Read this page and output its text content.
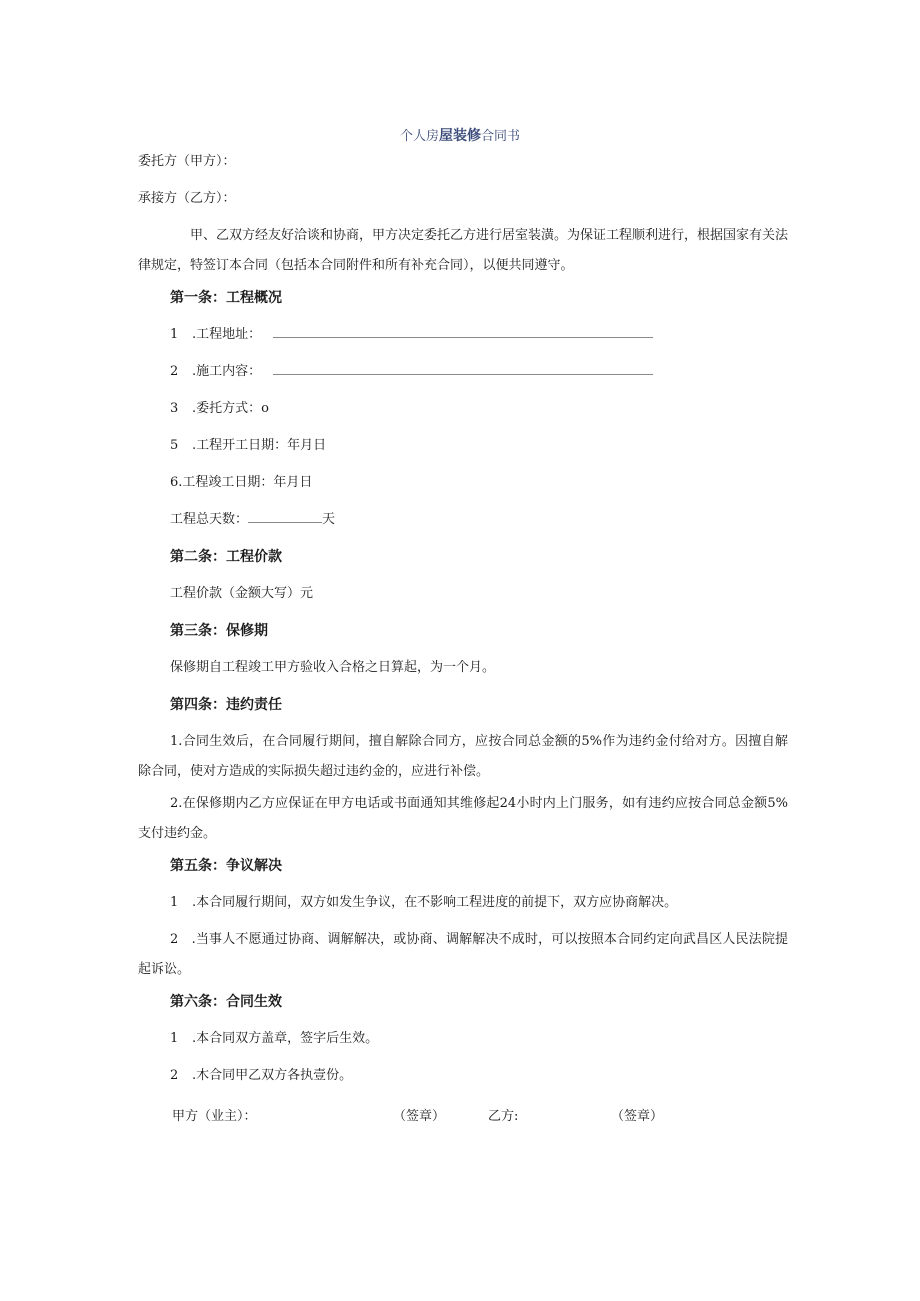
个人房屋装修合同书
委托方（甲方）：
承接方（乙方）：
甲、乙双方经友好洽谈和协商，甲方决定委托乙方进行居室装潢。为保证工程顺利进行，根据国家有关法律规定，特签订本合同（包括本合同附件和所有补充合同），以便共同遵守。
第一条：工程概况
1 .工程地址：
2 .施工内容：
3 .委托方式：o
5 .工程开工日期：年月日
6.工程竣工日期：年月日
工程总天数：	天
第二条：工程价款
工程价款（金额大写）元
第三条：保修期
保修期自工程竣工甲方验收入合格之日算起，为一个月。
第四条：违约责任
1.合同生效后，在合同履行期间，擅自解除合同方，应按合同总金额的5%作为违约金付给对方。因擅自解除合同，使对方造成的实际损失超过违约金的，应进行补偿。
2.在保修期内乙方应保证在甲方电话或书面通知其维修起24小时内上门服务，如有违约应按合同总金额5%支付违约金。
第五条：争议解决
1 .本合同履行期间，双方如发生争议，在不影响工程进度的前提下，双方应协商解决。
2　.当事人不愿通过协商、调解解决，或协商、调解解决不成时，可以按照本合同约定向武昌区人民法院提起诉讼。
第六条：合同生效
1 .本合同双方盖章，签字后生效。
2 .木合同甲乙双方各执壹份。
甲方（业主）：	（签章）	乙方:	（签章）
